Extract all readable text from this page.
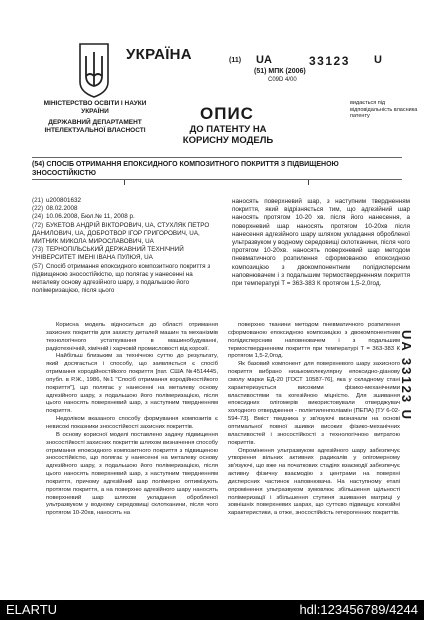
УКРАЇНА
МІНІСТЕРСТВО ОСВІТИ І НАУКИ УКРАЇНИ
ДЕРЖАВНИЙ ДЕПАРТАМЕНТ ІНТЕЛЕКТУАЛЬНОЇ ВЛАСНОСТІ
(11) UA	33123 U
(51) МПК (2006)
C09D 4/00
ОПИС
ДО ПАТЕНТУ НА КОРИСНУ МОДЕЛЬ
видається під відповідальність власника патенту
(54) СПОСІБ ОТРИМАННЯ ЕПОКСИДНОГО КОМПОЗИТНОГО ПОКРИТТЯ З ПІДВИЩЕНОЮ ЗНОСОСТІЙКІСТЮ

(21) u200801632

(22) 08.02.2008

(24) 10.06.2008, Бюл.№ 11, 2008 р.

(72) БУКЕТОВ АНДРІЙ ВІКТОРОВИЧ, UA, СТУХЛЯК ПЕТРО ДАНИЛОВИЧ, UA, ДОБРОТВОР ІГОР ГРИГОРОВИЧ, UA, МИТНИК МИКОЛА МИРОСЛАВОВИЧ, UA

(73) ТЕРНОПІЛЬСЬКИЙ ДЕРЖАВНИЙ ТЕХНІЧНИЙ УНІВЕРСИТЕТ ІМЕНІ ІВАНА ПУЛЮЯ, UA

(57) Спосіб отримання епоксидного композитного покриття з підвищеною зносостійкістю, що полягає у нанесенні на металеву основу адгезійного шару, з подальшою його полімеризацією, після цього

наносять поверхневий шар, з наступним твердненням покриття, який відрізняється тим, що адгезійний шар наносять протягом 10-20 хв. після його нанесення, а поверхневий шар наносять протягом 10-20хв після нанесення адгезійного шару шляхом укладання обробленої ультразвуком у водному середовищі склотканини, після чого протягом 10-20хв. наносять поверхневий шар методом пневматичного розпилення сформованою епоксидною композицією з двокомпонентним полідисперсним наповнювачем і з подальшим термоствердненням покриття при температурі T = 363-383 К протягом 1,5-2,0год.

Корисна модель відноситься до області отримання захисних покриттів для захисту деталей машин та механізмів технологічного устаткування в машинобудуванні, радіотехнічній, хімічній і харчовій промисловості від корозії.

Найбільш близьким за технічною суттю до результату, який досягається і способу, що заявляється є спосіб отримання кородійностійкого покриття [пат. США №4514445, опубл. в Р.Ж., 1986, №1 "Спосіб отримання кородійностійкого покриття"], що полягає у нанесенні на металеву основу адгезійного шару, з подальшою його полімеризацією, після цього наносять поверхневий шар, з наступним твердненням покриття.

Недоліком вказаного способу формування композитів є невисокі показники зносостійкості захисних покриттів.

В основу корисної моделі поставлено задачу підвищення зносостійкості захисних покриттів шляхом визначення способу отримання епоксидного композитного покриття з підвищеною зносостійкістю, що полягає у нанесенні на металеву основу адгезійного шару, з подальшою його полімеризацією, після цього наносять поверхневий шар, з наступним твердненням покриття, причому адгезійний шар полімерно оптимізують протягом покриття, а на поверхню адгезійного шару наносять поверхневий шар шляхом укладання обробленої ультразвуком у водному середовищі склотканини, після чого протягом 10-20хв, наносять на

поверхню тканини методом пневматичного розпилення сформованою епоксидною композицією з двокомпонентним полідисперсним наповнювачем і з подальшим термоствердненням покриття при температурі T = 363-383 К протягом 1,5-2,0год.

Як базовий компонент для поверхневого шару захисного покриття вибрано низькомолекулярну епоксидно-діанову смолу марки ЕД-20 [ГОСТ 10587-76], яка у складному стані характеризується високими фізико-механічними властивостями та когезійною міцністю. Для зшивання епоксидних олігомерів використовували отверджувач холодного отвердження - поліетиленполіамін (ПЕПА) [ТУ 6-02-594-73]. Вміст тведника у зв'язуючі визначали на основі оптимальної повної зшивки високих фізико-механічних властивостей і зносостійкості з технологічною витратою покриттів.

Опромінення ультразвуком адгезійного шару забезпечує утворення вільних активних радикалів у олігомерному зв'язуючі, що вже на початкових стадіях взаємодії забезпечує активну фізичну взаємодію з центрами на поверхні дисперсних частинок наповнювача. На наступному етапі опромінення ультразвуком зумовлює збільшення щільності полімеризації і збільшення ступеня зшивання матриці у зовнішніх поверхневих шарах, що суттєво підвищує когезійні характеристики, а отже, зносостійкість гетерогенних покриттів.

UA 33123 U
ELARTU	hdl:123456789/4244
